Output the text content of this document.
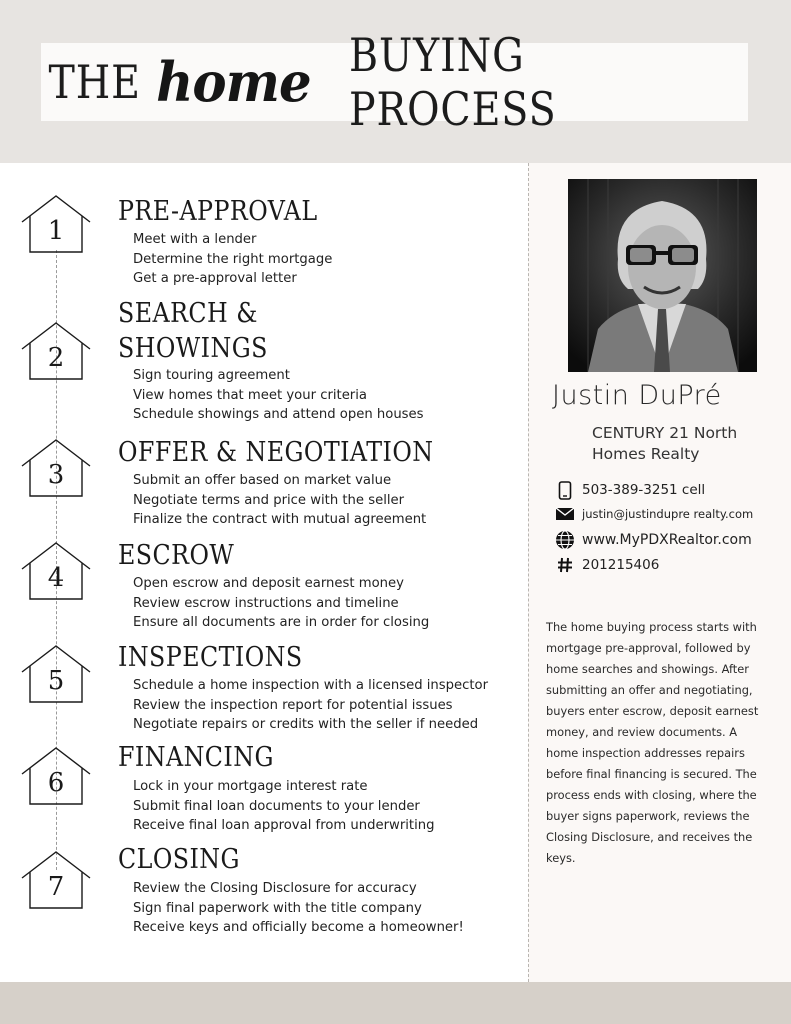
THE home BUYING PROCESS
1
PRE-APPROVAL
Meet with a lender
Determine the right mortgage
Get a pre-approval letter
2
SEARCH &
SHOWINGS
Sign touring agreement
View homes that meet your criteria
Schedule showings and attend open houses
3
OFFER & NEGOTIATION
Submit an offer based on market value
Negotiate terms and price with the seller
Finalize the contract with mutual agreement
4
ESCROW
Open escrow and deposit earnest money
Review escrow instructions and timeline
Ensure all documents are in order for closing
5
INSPECTIONS
Schedule a home inspection with a licensed inspector
Review the inspection report for potential issues
Negotiate repairs or credits with the seller if needed
6
FINANCING
Lock in your mortgage interest rate
Submit final loan documents to your lender
Receive final loan approval from underwriting
7
CLOSING
Review the Closing Disclosure for accuracy
Sign final paperwork with the title company
Receive keys and officially become a homeowner!
Justin DuPré
CENTURY 21 North
Homes Realty
503-389-3251 cell
justin@justindupre realty.com
www.MyPDXRealtor.com
201215406
The home buying process starts with mortgage pre-approval, followed by home searches and showings. After submitting an offer and negotiating, buyers enter escrow, deposit earnest money, and review documents. A home inspection addresses repairs before final financing is secured. The process ends with closing, where the buyer signs paperwork, reviews the Closing Disclosure, and receives the keys.
